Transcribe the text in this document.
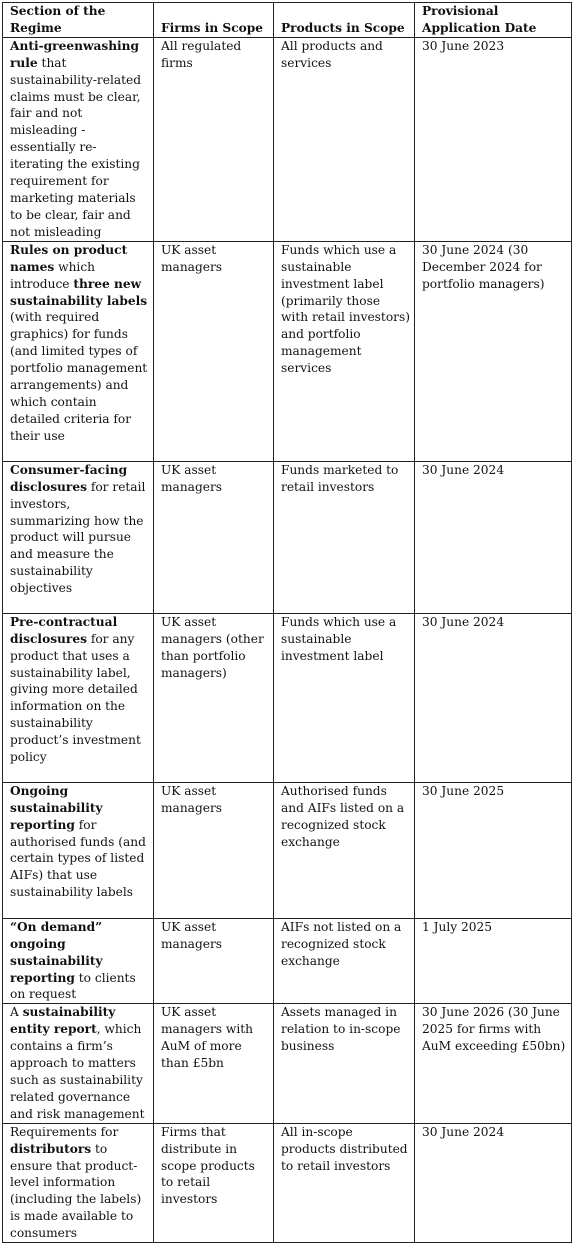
Section of the Regime	Firms in Scope	Products in Scope	Provisional Application Date
Anti-greenwashing rule that sustainability-related claims must be clear, fair and not misleading - essentially re-iterating the existing requirement for marketing materials to be clear, fair and not misleading	All regulated firms	All products and services	30 June 2023
Rules on product names which introduce three new sustainability labels (with required graphics) for funds (and limited types of portfolio management arrangements) and which contain detailed criteria for their use	UK asset managers	Funds which use a sustainable investment label (primarily those with retail investors) and portfolio management services	30 June 2024 (30 December 2024 for portfolio managers)
Consumer-facing disclosures for retail investors, summarizing how the product will pursue and measure the sustainability objectives	UK asset managers	Funds marketed to retail investors	30 June 2024
Pre-contractual disclosures for any product that uses a sustainability label, giving more detailed information on the sustainability product’s investment policy	UK asset managers (other than portfolio managers)	Funds which use a sustainable investment label	30 June 2024
Ongoing sustainability reporting for authorised funds (and certain types of listed AIFs) that use sustainability labels	UK asset managers	Authorised funds and AIFs listed on a recognized stock exchange	30 June 2025
“On demand” ongoing sustainability reporting to clients on request	UK asset managers	AIFs not listed on a recognized stock exchange	1 July 2025
A sustainability entity report, which contains a firm’s approach to matters such as sustainability related governance and risk management	UK asset managers with AuM of more than £5bn	Assets managed in relation to in-scope business	30 June 2026 (30 June 2025 for firms with AuM exceeding £50bn)
Requirements for distributors to ensure that product-level information (including the labels) is made available to consumers	Firms that distribute in scope products to retail investors	All in-scope products distributed to retail investors	30 June 2024
